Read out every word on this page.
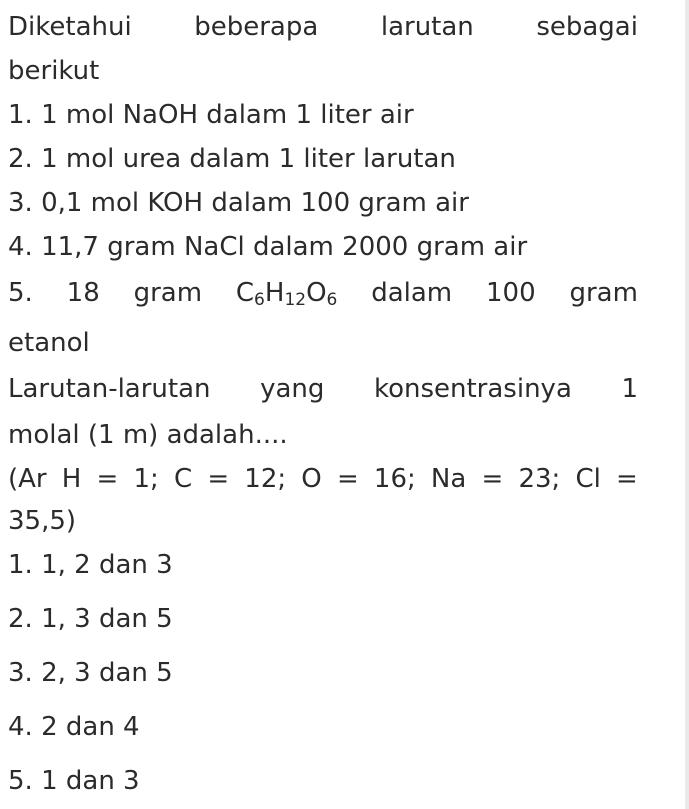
Diketahui beberapa larutan sebagai
berikut
1. 1 mol NaOH dalam 1 liter air
2. 1 mol urea dalam 1 liter larutan
3. 0,1 mol KOH dalam 100 gram air
4. 11,7 gram NaCl dalam 2000 gram air
5. 18 gram $C_6H_{12}O_6$ dalam 100 gram
etanol
Larutan-larutan yang konsentrasinya 1
molal (1 m) adalah....
(Ar H = 1; C = 12; O = 16; Na = 23; Cl =
35,5)
1. 1, 2 dan 3
2. 1, 3 dan 5
3. 2, 3 dan 5
4. 2 dan 4
5. 1 dan 3
